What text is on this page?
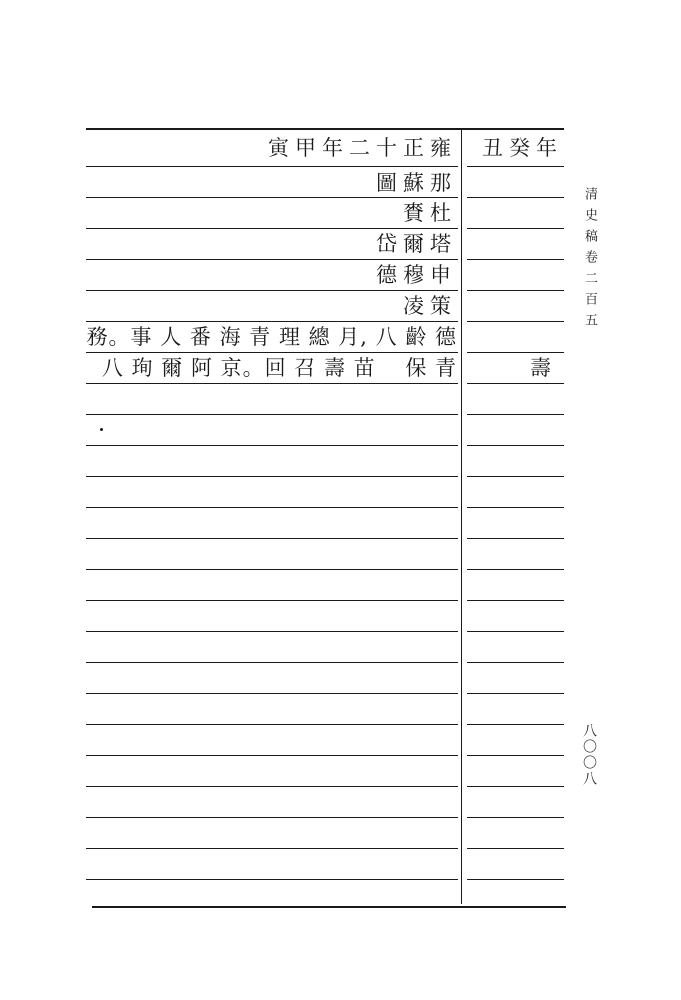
清史稿卷二百五
八〇〇八
寅甲年二十正雍	丑癸年
圖蘇那
賚杜
岱爾塔
德穆申
凌策
務。事 人 番 海 青 理 總 月, 八 齡 德
八 珣 爾 阿 京。回 召 壽 苗 　保 青	壽
